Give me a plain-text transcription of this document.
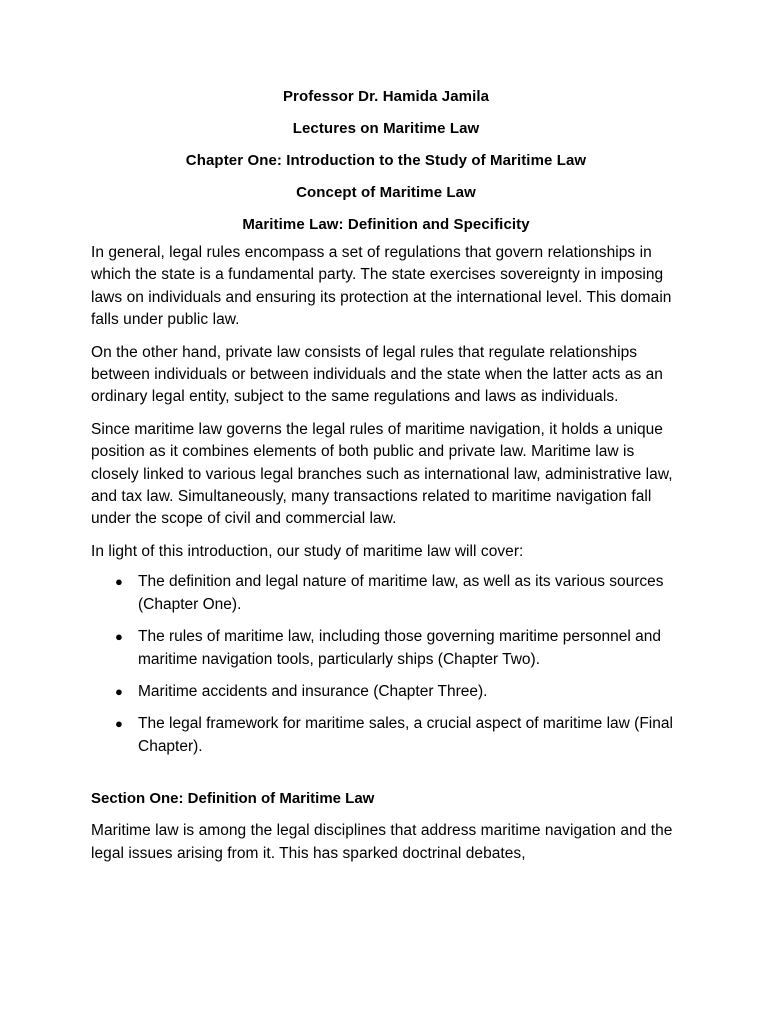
Professor Dr. Hamida Jamila
Lectures on Maritime Law
Chapter One: Introduction to the Study of Maritime Law
Concept of Maritime Law
Maritime Law: Definition and Specificity

In general, legal rules encompass a set of regulations that govern relationships in which the state is a fundamental party. The state exercises sovereignty in imposing laws on individuals and ensuring its protection at the international level. This domain falls under public law.

On the other hand, private law consists of legal rules that regulate relationships between individuals or between individuals and the state when the latter acts as an ordinary legal entity, subject to the same regulations and laws as individuals.

Since maritime law governs the legal rules of maritime navigation, it holds a unique position as it combines elements of both public and private law. Maritime law is closely linked to various legal branches such as international law, administrative law, and tax law. Simultaneously, many transactions related to maritime navigation fall under the scope of civil and commercial law.

In light of this introduction, our study of maritime law will cover:

● The definition and legal nature of maritime law, as well as its various sources (Chapter One).
● The rules of maritime law, including those governing maritime personnel and maritime navigation tools, particularly ships (Chapter Two).
● Maritime accidents and insurance (Chapter Three).
● The legal framework for maritime sales, a crucial aspect of maritime law (Final Chapter).
Section One: Definition of Maritime Law

Maritime law is among the legal disciplines that address maritime navigation and the legal issues arising from it. This has sparked doctrinal debates,
